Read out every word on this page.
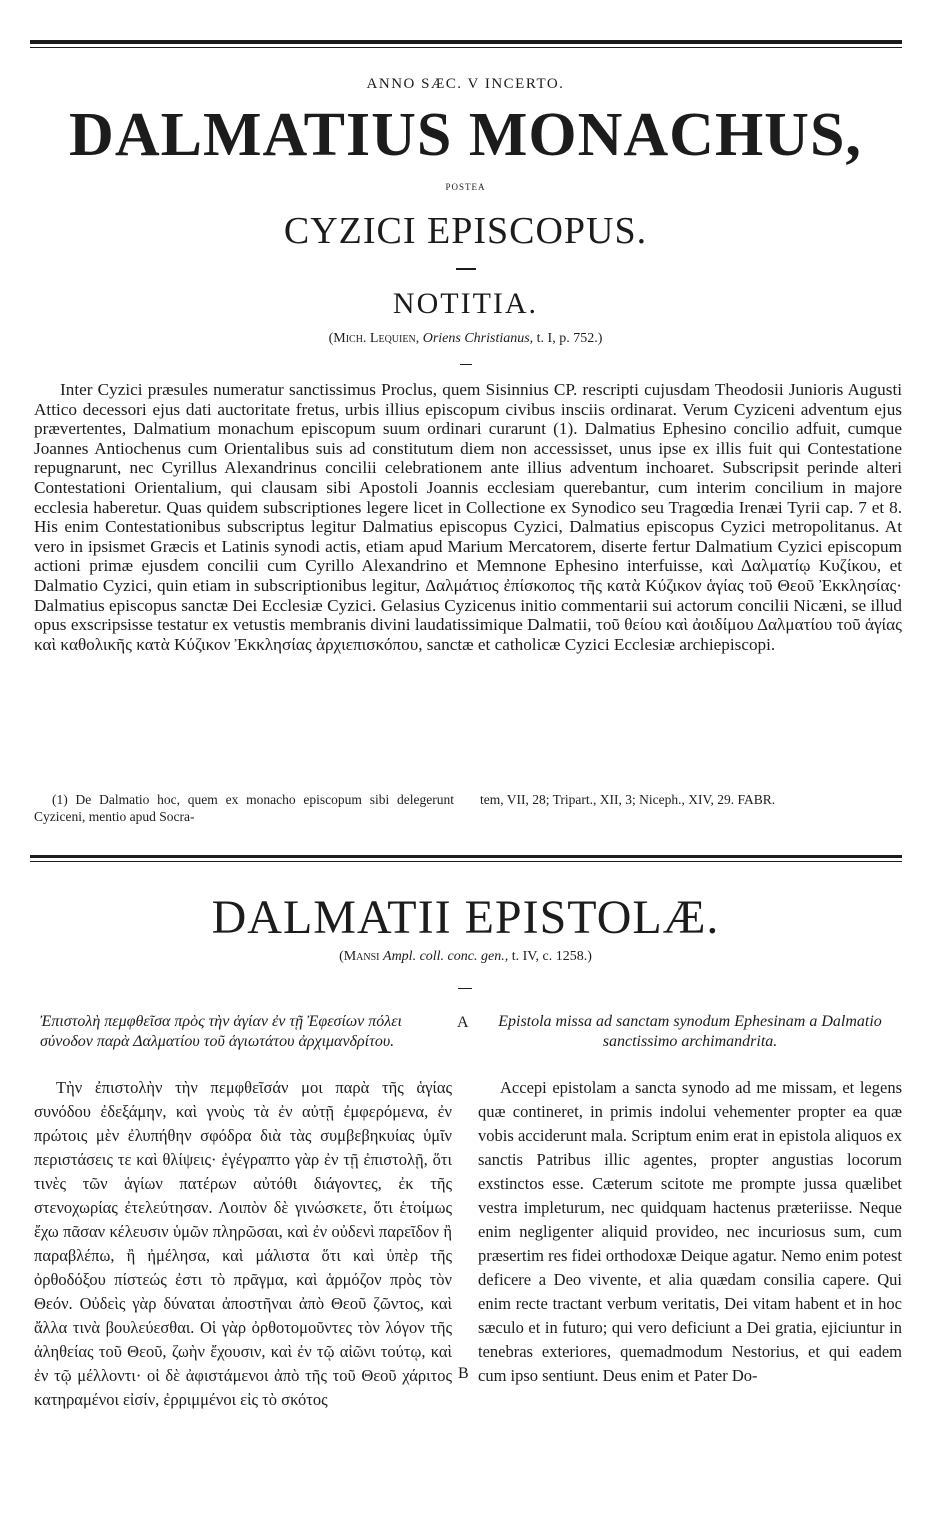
ANNO SÆC. V INCERTO.
DALMATIUS MONACHUS,
POSTEA
CYZICI EPISCOPUS.
NOTITIA.
(Mich. Lequien, Oriens Christianus, t. I, p. 752.)

Inter Cyzici præsules numeratur sanctissimus Proclus, quem Sisinnius CP. rescripti cujusdam Theodosii Junioris Augusti Attico decessori ejus dati auctoritate fretus, urbis illius episcopum civibus insciis ordinarat. Verum Cyziceni adventum ejus prævertentes, Dalmatium monachum episcopum suum ordinari curarunt (1). Dalmatius Ephesino concilio adfuit, cumque Joannes Antiochenus cum Orientalibus suis ad constitutum diem non accessisset, unus ipse ex illis fuit qui Contestatione repugnarunt, nec Cyrillus Alexandrinus concilii celebrationem ante illius adventum inchoaret. Subscripsit perinde alteri Contestationi Orientalium, qui clausam sibi Apostoli Joannis ecclesiam querebantur, cum interim concilium in majore ecclesia haberetur. Quas quidem subscriptiones legere licet in Collectione ex Synodico seu Tragœdia Irenæi Tyrii cap. 7 et 8. His enim Contestationibus subscriptus legitur Dalmatius episcopus Cyzici, Dalmatius episcopus Cyzici metropolitanus. At vero in ipsismet Græcis et Latinis synodi actis, etiam apud Marium Mercatorem, diserte fertur Dalmatium Cyzici episcopum actioni primæ ejusdem concilii cum Cyrillo Alexandrino et Memnone Ephesino interfuisse, καὶ Δαλματίῳ Κυζίκου, et Dalmatio Cyzici, quin etiam in subscriptionibus legitur, Δαλμάτιος ἐπίσκοπος τῆς κατὰ Κύζικον ἁγίας τοῦ Θεοῦ Ἐκκλησίας· Dalmatius episcopus sanctæ Dei Ecclesiæ Cyzici. Gelasius Cyzicenus initio commentarii sui actorum concilii Nicæni, se illud opus exscripsisse testatur ex vetustis membranis divini laudatissimique Dalmatii, τοῦ θείου καὶ ἀοιδίμου Δαλματίου τοῦ ἁγίας καὶ καθολικῆς κατὰ Κύζικον Ἐκκλησίας ἀρχιεπισκόπου, sanctæ et catholicæ Cyzici Ecclesiæ archiepiscopi.

(1) De Dalmatio hoc, quem ex monacho episcopum sibi delegerunt Cyziceni, mentio apud Socra-
tem, VII, 28; Tripart., XII, 3; Niceph., XIV, 29. FABR.
DALMATII EPISTOLÆ.
(Mansi Ampl. coll. conc. gen., t. IV, c. 1258.)
Ἐπιστολὴ πεμφθεῖσα πρὸς τὴν ἁγίαν ἐν τῇ Ἐφεσίων πόλει σύνοδον παρὰ Δαλματίου τοῦ ἁγιωτάτου ἀρχιμανδρίτου.
A	Epistola missa ad sanctam synodum Ephesinam a Dalmatio sanctissimo archimandrita.

Τὴν ἐπιστολὴν τὴν πεμφθεῖσάν μοι παρὰ τῆς ἁγίας συνόδου ἐδεξάμην, καὶ γνοὺς τὰ ἐν αὐτῇ ἐμφερόμενα, ἐν πρώτοις μὲν ἐλυπήθην σφόδρα διὰ τὰς συμβεβηκυίας ὑμῖν περιστάσεις τε καὶ θλίψεις· ἐγέγραπτο γὰρ ἐν τῇ ἐπιστολῇ, ὅτι τινὲς τῶν ἁγίων πατέρων αὐτόθι διάγοντες, ἐκ τῆς στενοχωρίας ἐτελεύτησαν. Λοιπὸν δὲ γινώσκετε, ὅτι ἑτοίμως ἔχω πᾶσαν κέλευσιν ὑμῶν πληρῶσαι, καὶ ἐν οὐδενὶ παρεῖδον ἢ παραβλέπω, ἢ ἠμέλησα, καὶ μάλιστα ὅτι καὶ ὑπὲρ τῆς ὀρθοδόξου πίστεώς ἐστι τὸ πρᾶγμα, καὶ ἁρμόζον πρὸς τὸν Θεόν. Οὐδεὶς γὰρ δύναται ἀποστῆναι ἀπὸ Θεοῦ ζῶντος, καὶ ἄλλα τινὰ βουλεύεσθαι. Οἱ γὰρ ὀρθοτομοῦντες τὸν λόγον τῆς ἀληθείας τοῦ Θεοῦ, ζωὴν ἔχουσιν, καὶ ἐν τῷ αἰῶνι τούτῳ, καὶ ἐν τῷ μέλλοντι· οἱ δὲ ἀφιστάμενοι ἀπὸ τῆς τοῦ Θεοῦ χάριτος κατηραμένοι εἰσίν, ἐρριμμένοι εἰς τὸ σκότος

B

Accepi epistolam a sancta synodo ad me missam, et legens quæ contineret, in primis indolui vehementer propter ea quæ vobis acciderunt mala. Scriptum enim erat in epistola aliquos ex sanctis Patribus illic agentes, propter angustias locorum exstinctos esse. Cæterum scitote me prompte jussa quælibet vestra impleturum, nec quidquam hactenus præteriisse. Neque enim negligenter aliquid provideo, nec incuriosus sum, cum præsertim res fidei orthodoxæ Deique agatur. Nemo enim potest deficere a Deo vivente, et alia quædam consilia capere. Qui enim recte tractant verbum veritatis, Dei vitam habent et in hoc sæculo et in futuro; qui vero deficiunt a Dei gratia, ejiciuntur in tenebras exteriores, quemadmodum Nestorius, et qui eadem cum ipso sentiunt. Deus enim et Pater Do-
